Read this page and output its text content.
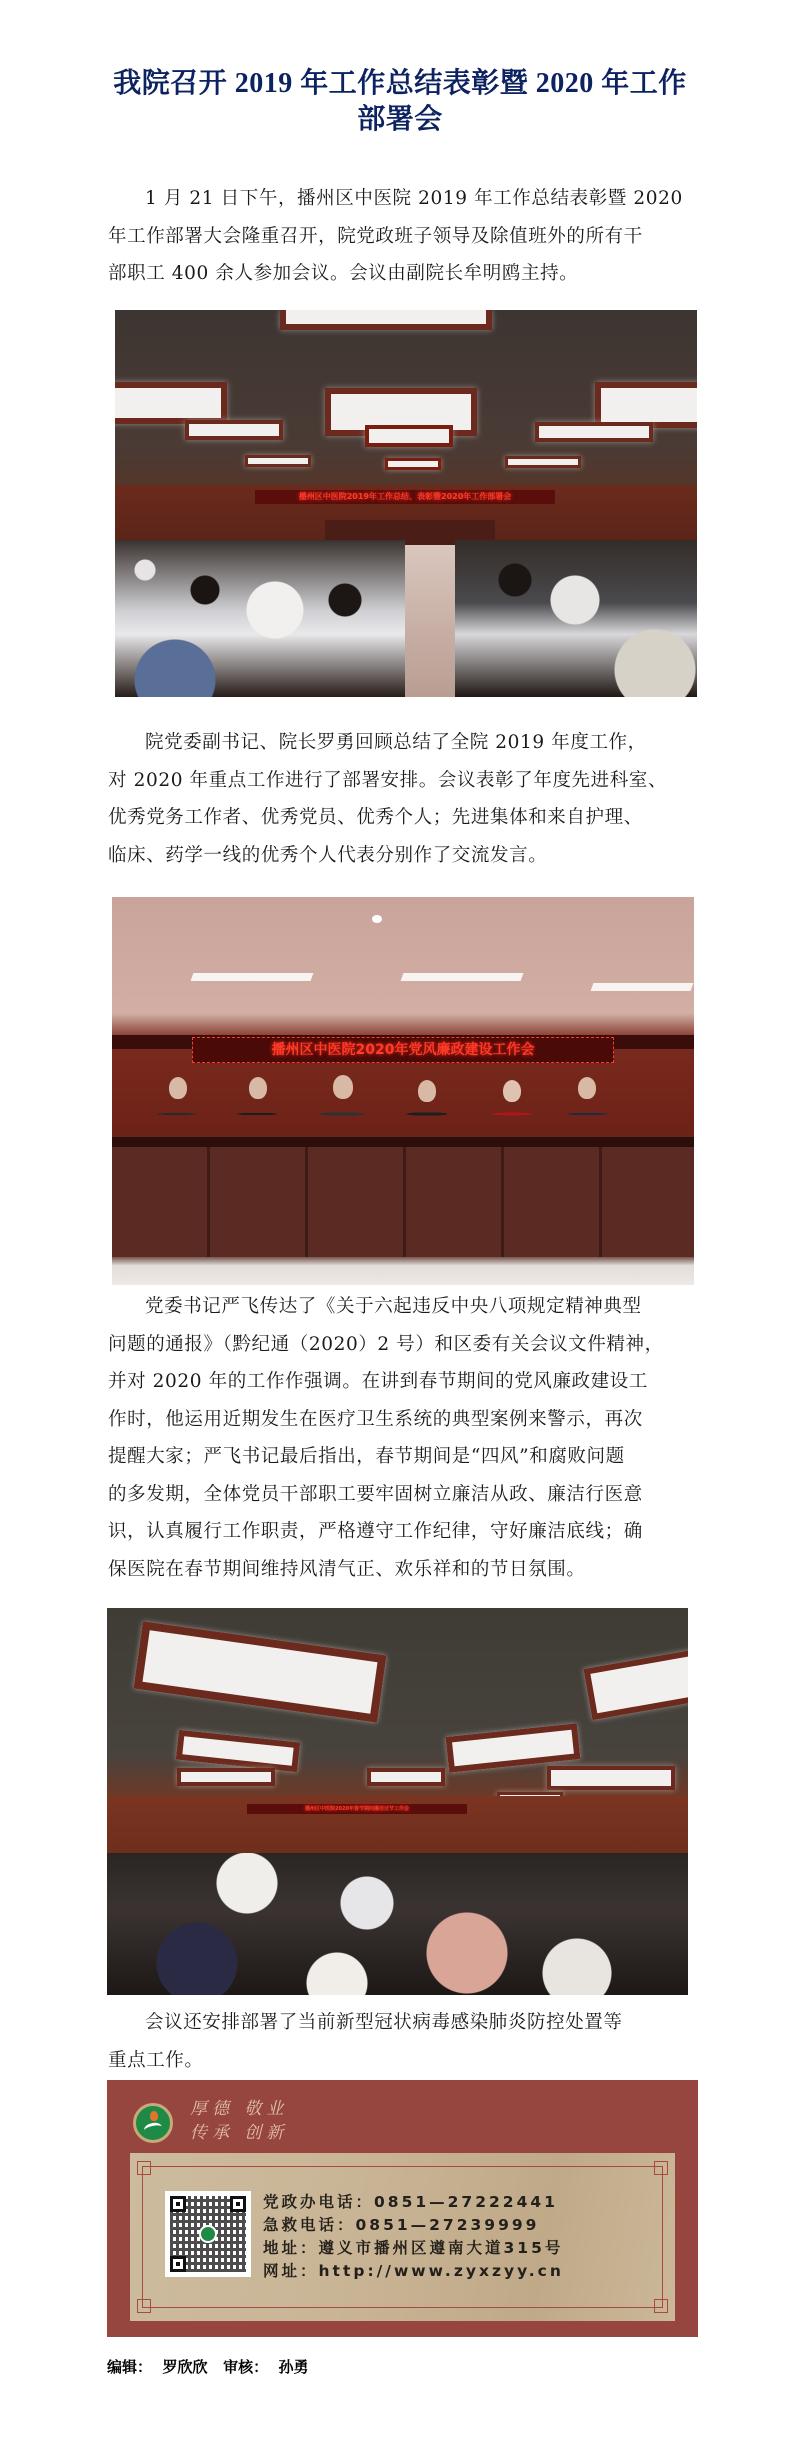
我院召开 2019 年工作总结表彰暨 2020 年工作
部署会
1 月 21 日下午，播州区中医院 2019 年工作总结表彰暨 2020
年工作部署大会隆重召开，院党政班子领导及除值班外的所有干
部职工 400 余人参加会议。会议由副院长牟明鸥主持。
播州区中医院2019年工作总结、表彰暨2020年工作部署会
院党委副书记、院长罗勇回顾总结了全院 2019 年度工作，
对 2020 年重点工作进行了部署安排。会议表彰了年度先进科室、
优秀党务工作者、优秀党员、优秀个人；先进集体和来自护理、
临床、药学一线的优秀个人代表分别作了交流发言。
播州区中医院2020年党风廉政建设工作会
党委书记严飞传达了《关于六起违反中央八项规定精神典型
问题的通报》（黔纪通（2020）2 号）和区委有关会议文件精神，
并对 2020 年的工作作强调。在讲到春节期间的党风廉政建设工
作时，他运用近期发生在医疗卫生系统的典型案例来警示，再次
提醒大家；严飞书记最后指出，春节期间是“四风”和腐败问题
的多发期，全体党员干部职工要牢固树立廉洁从政、廉洁行医意
识，认真履行工作职责，严格遵守工作纪律，守好廉洁底线；确
保医院在春节期间维持风清气正、欢乐祥和的节日氛围。
播州区中医院2020年春节期间廉洁过节工作会
会议还安排部署了当前新型冠状病毒感染肺炎防控处置等
重点工作。
厚德 敬业
传承 创新
党政办电话：0851—27222441
急救电话：0851—27239999
地址：遵义市播州区遵南大道315号
网址：http://www.zyxzyy.cn
编辑：  罗欣欣   审核：  孙勇
